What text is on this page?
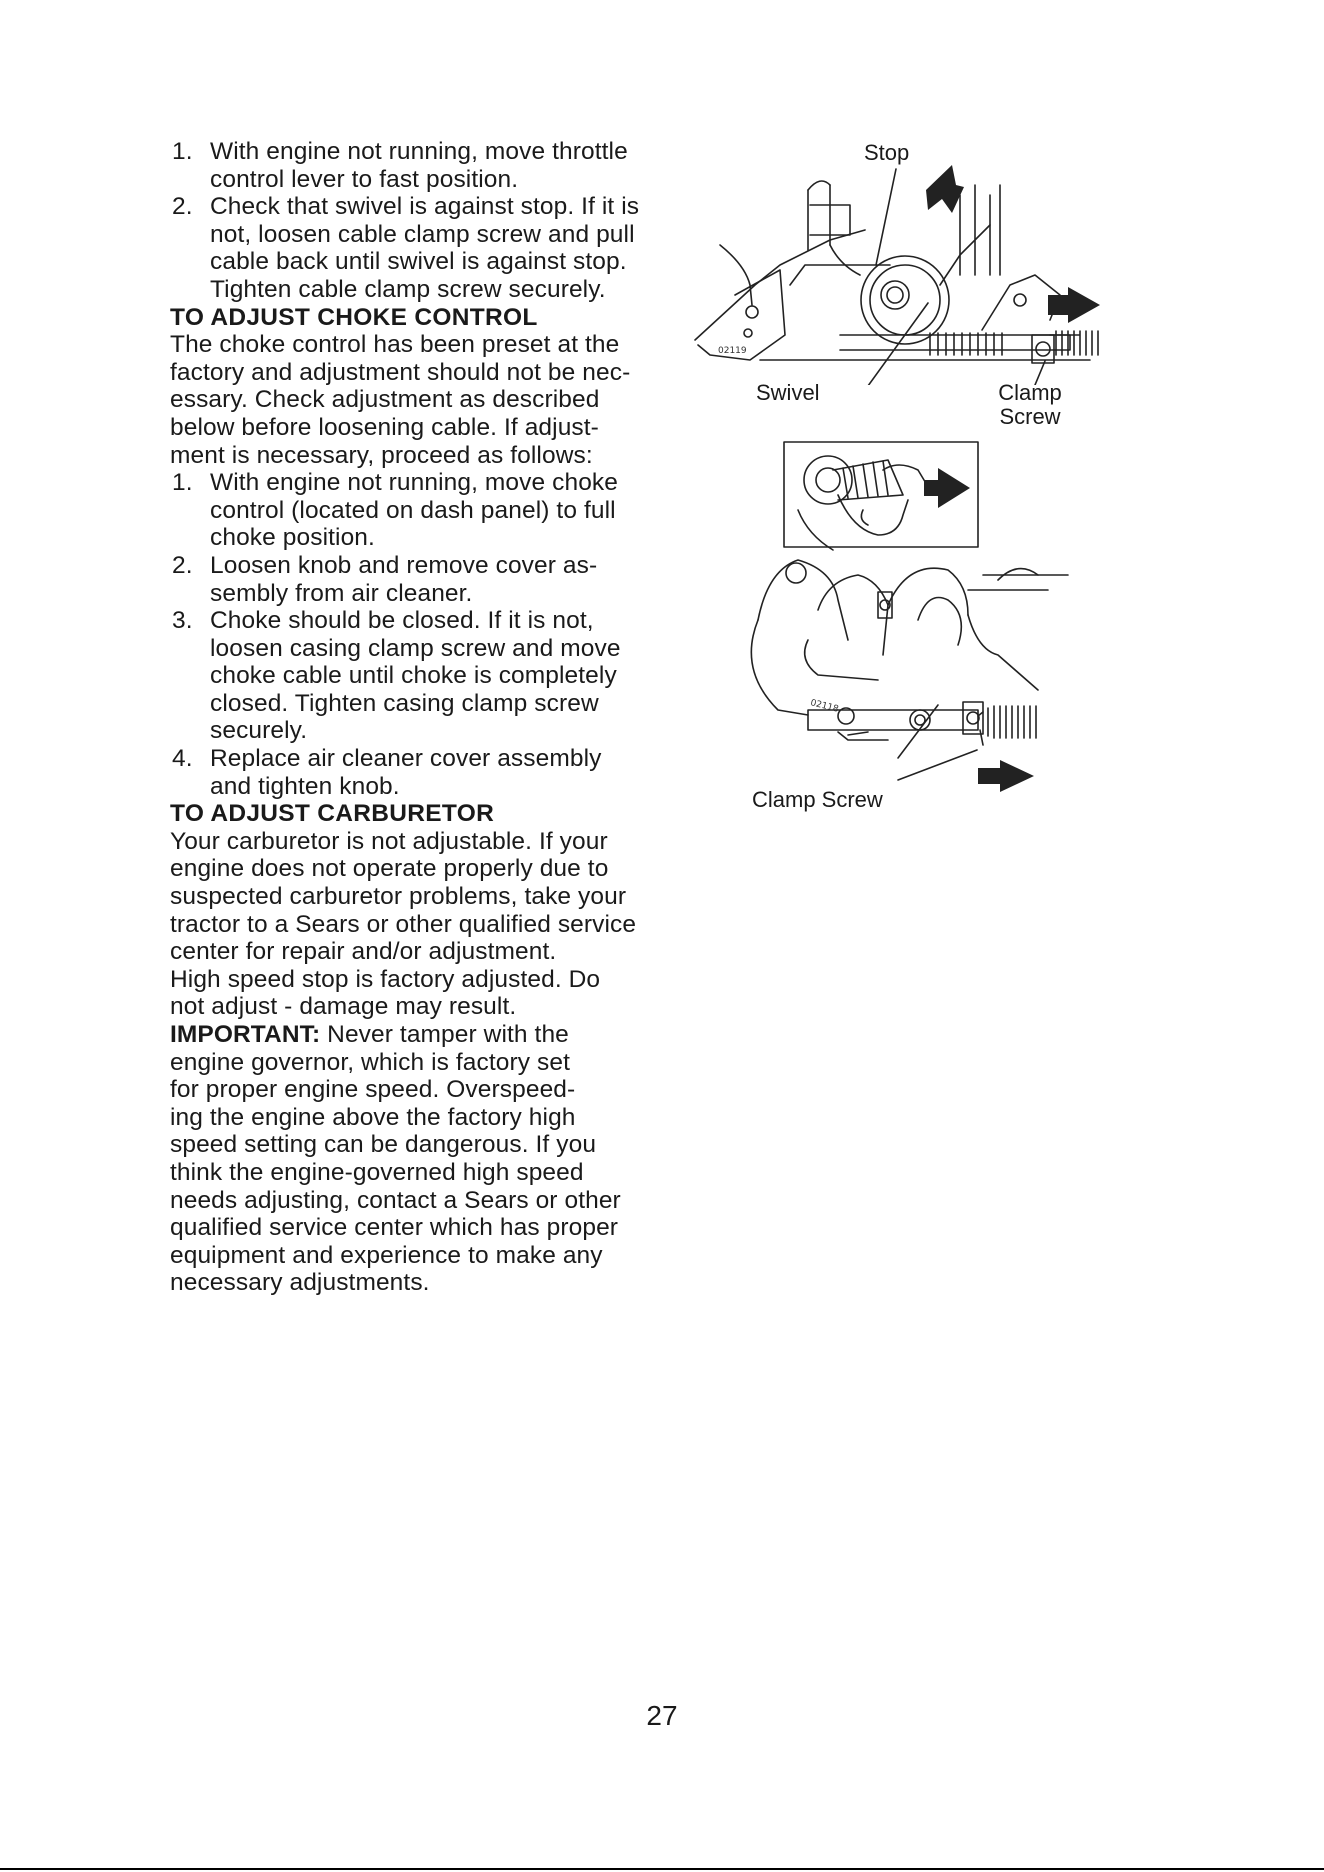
1. With engine not running, move throttle
control lever to fast position.
2. Check that swivel is against stop. If it is
not, loosen cable clamp screw and pull
cable back until swivel is against stop.
Tighten cable clamp screw securely.

TO ADJUST CHOKE CONTROL

The choke control has been preset at the
factory and adjustment should not be nec-
essary. Check adjustment as described
below before loosening cable. If adjust-
ment is necessary, proceed as follows:

1. With engine not running, move choke
control (located on dash panel) to full
choke position.
2. Loosen knob and remove cover as-
sembly from air cleaner.
3. Choke should be closed. If it is not,
loosen casing clamp screw and move
choke cable until choke is completely
closed. Tighten casing clamp screw
securely.
4. Replace air cleaner cover assembly
and tighten knob.

TO ADJUST CARBURETOR

Your carburetor is not adjustable. If your
engine does not operate properly due to
suspected carburetor problems, take your
tractor to a Sears or other qualified service
center for repair and/or adjustment.
High speed stop is factory adjusted. Do
not adjust - damage may result.

IMPORTANT: Never tamper with the
engine governor, which is factory set
for proper engine speed. Overspeed-
ing the engine above the factory high
speed setting can be dangerous. If you
think the engine-governed high speed
needs adjusting, contact a Sears or other
qualified service center which has proper
equipment and experience to make any
necessary adjustments.

Stop
02119
Swivel	Clamp
Screw
02118
Clamp Screw
27
